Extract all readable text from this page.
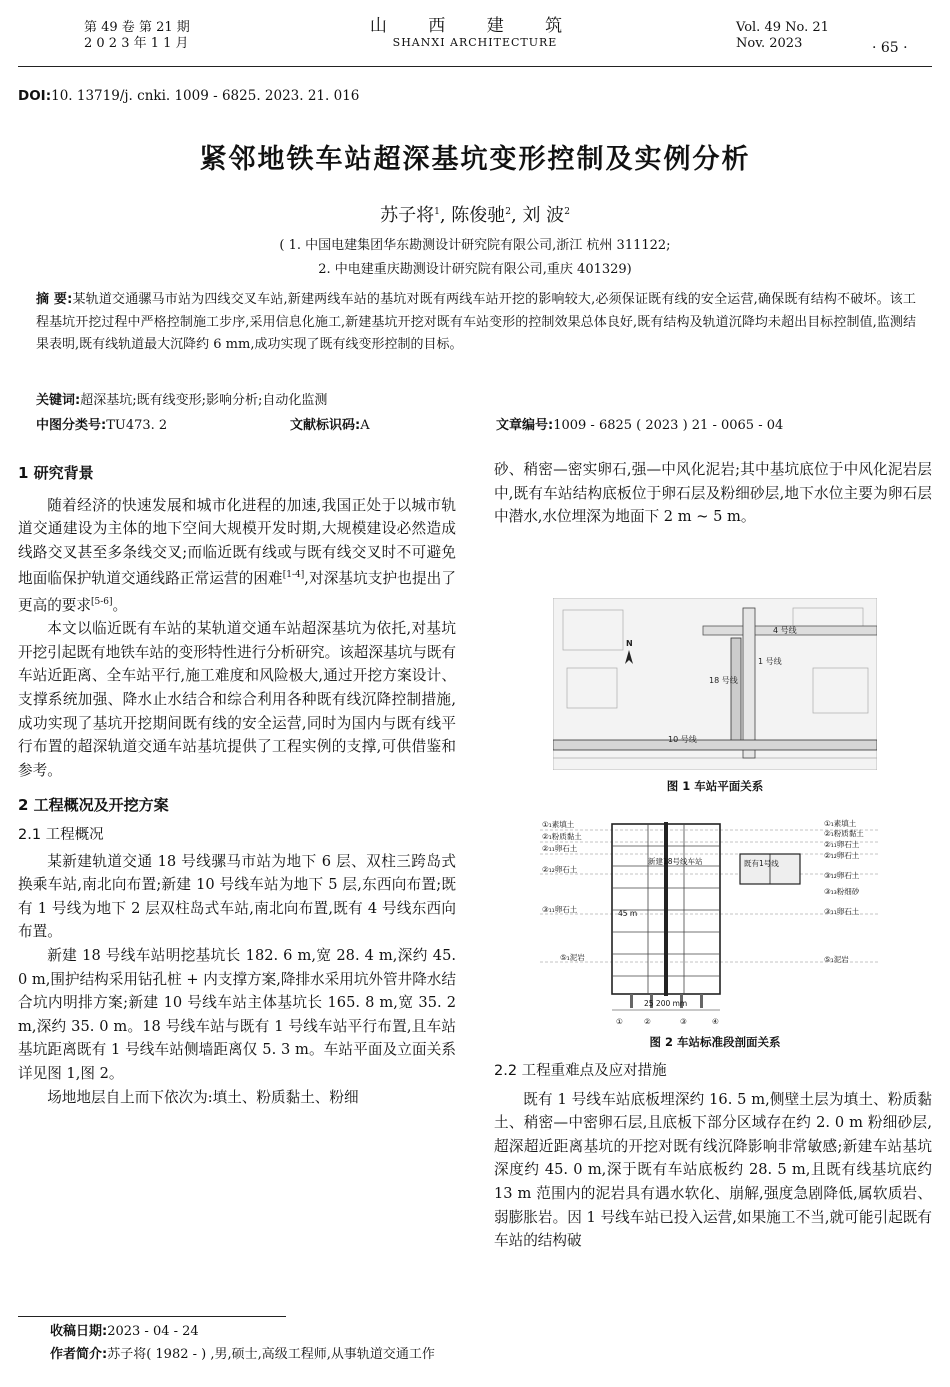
第 49 卷 第 21 期
2 0 2 3 年 1 1 月
山 西 建 筑
SHANXI ARCHITECTURE
Vol. 49 No. 21
Nov. 2023	· 65 ·
DOI:10. 13719/j. cnki. 1009 - 6825. 2023. 21. 016
紧邻地铁车站超深基坑变形控制及实例分析
苏子将$^1$, 陈俊驰$^2$, 刘 波$^2$
( 1. 中国电建集团华东勘测设计研究院有限公司,浙江 杭州 311122;
2. 中电建重庆勘测设计研究院有限公司,重庆 401329)
摘 要:某轨道交通骡马市站为四线交叉车站,新建两线车站的基坑对既有两线车站开挖的影响较大,必须保证既有线的安全运营,确保既有结构不破坏。该工程基坑开挖过程中严格控制施工步序,采用信息化施工,新建基坑开挖对既有车站变形的控制效果总体良好,既有结构及轨道沉降均未超出目标控制值,监测结果表明,既有线轨道最大沉降约 6 mm,成功实现了既有线变形控制的目标。
关键词:超深基坑;既有线变形;影响分析;自动化监测
中图分类号:TU473. 2	文献标识码:A	文章编号:1009 - 6825 ( 2023 ) 21 - 0065 - 04
1 研究背景

随着经济的快速发展和城市化进程的加速,我国正处于以城市轨道交通建设为主体的地下空间大规模开发时期,大规模建设必然造成线路交叉甚至多条线交叉;而临近既有线或与既有线交叉时不可避免地面临保护轨道交通线路正常运营的困难[1-4],对深基坑支护也提出了更高的要求[5-6]。

本文以临近既有车站的某轨道交通车站超深基坑为依托,对基坑开挖引起既有地铁车站的变形特性进行分析研究。该超深基坑与既有车站近距离、全车站平行,施工难度和风险极大,通过开挖方案设计、支撑系统加强、降水止水结合和综合利用各种既有线沉降控制措施,成功实现了基坑开挖期间既有线的安全运营,同时为国内与既有线平行布置的超深轨道交通车站基坑提供了工程实例的支撑,可供借鉴和参考。

2 工程概况及开挖方案
2.1 工程概况

某新建轨道交通 18 号线骡马市站为地下 6 层、双柱三跨岛式换乘车站,南北向布置;新建 10 号线车站为地下 5 层,东西向布置;既有 1 号线为地下 2 层双柱岛式车站,南北向布置,既有 4 号线东西向布置。

新建 18 号线车站明挖基坑长 182. 6 m,宽 28. 4 m,深约 45. 0 m,围护结构采用钻孔桩 + 内支撑方案,降排水采用坑外管井降水结合坑内明排方案;新建 10 号线车站主体基坑长 165. 8 m,宽 35. 2 m,深约 35. 0 m。18 号线车站与既有 1 号线车站平行布置,且车站基坑距离既有 1 号线车站侧墙距离仅 5. 3 m。车站平面及立面关系详见图 1,图 2。

场地地层自上而下依次为:填土、粉质黏土、粉细

砂、稍密—密实卵石,强—中风化泥岩;其中基坑底位于中风化泥岩层中,既有车站结构底板位于卵石层及粉细砂层,地下水位主要为卵石层中潜水,水位埋深为地面下 2 m ~ 5 m。

4 号线
1 号线
18 号线
10 号线
N
图 1 车站平面关系
①₁素填土
②₁粉质黏土
②₁₁卵石土
②₁₂卵石土
③₁₁卵石土
⑤₁泥岩
①₁素填土
②₁粉质黏土
②₁₁卵石土
②₁₂卵石土
③₁₂卵石土
③₁₃粉细砂
③₁₁卵石土
⑤₁泥岩
新建18号线车站	既有1号线
45 m
25 200 mm
①	②	③	④
图 2 车站标准段剖面关系
2.2 工程重难点及应对措施

既有 1 号线车站底板埋深约 16. 5 m,侧壁土层为填土、粉质黏土、稍密—中密卵石层,且底板下部分区域存在约 2. 0 m 粉细砂层,超深超近距离基坑的开挖对既有线沉降影响非常敏感;新建车站基坑深度约 45. 0 m,深于既有车站底板约 28. 5 m,且既有线基坑底约 13 m 范围内的泥岩具有遇水软化、崩解,强度急剧降低,属软质岩、弱膨胀岩。因 1 号线车站已投入运营,如果施工不当,就可能引起既有车站的结构破

收稿日期:2023 - 04 - 24
作者简介:苏子将( 1982 - ) ,男,硕士,高级工程师,从事轨道交通工作
